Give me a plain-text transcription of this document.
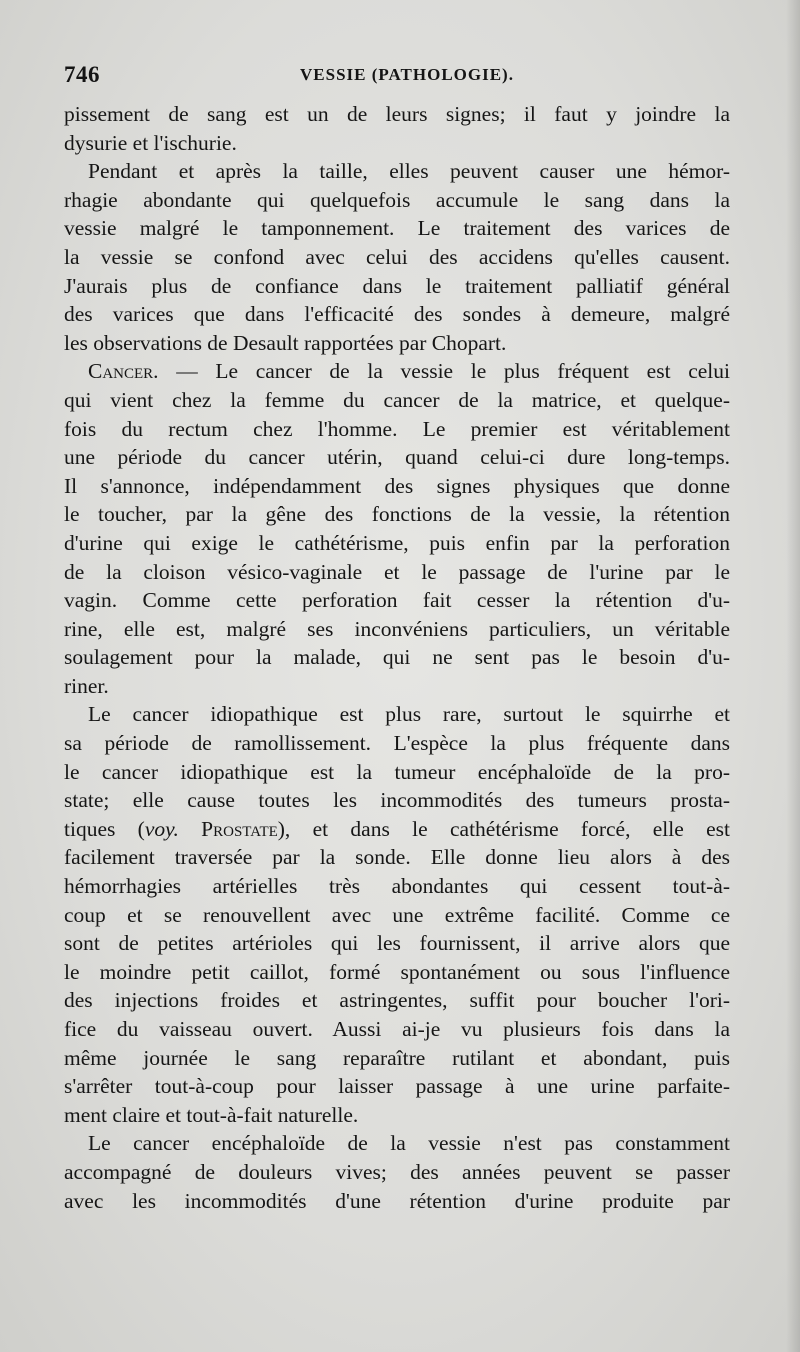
746	VESSIE (PATHOLOGIE).
pissement de sang est un de leurs signes; il faut y joindre la
dysurie et l'ischurie.
Pendant et après la taille, elles peuvent causer une hémor-
rhagie abondante qui quelquefois accumule le sang dans la
vessie malgré le tamponnement. Le traitement des varices de
la vessie se confond avec celui des accidens qu'elles causent.
J'aurais plus de confiance dans le traitement palliatif général
des varices que dans l'efficacité des sondes à demeure, malgré
les observations de Desault rapportées par Chopart.
Cancer. — Le cancer de la vessie le plus fréquent est celui
qui vient chez la femme du cancer de la matrice, et quelque-
fois du rectum chez l'homme. Le premier est véritablement
une période du cancer utérin, quand celui-ci dure long-temps.
Il s'annonce, indépendamment des signes physiques que donne
le toucher, par la gêne des fonctions de la vessie, la rétention
d'urine qui exige le cathétérisme, puis enfin par la perforation
de la cloison vésico-vaginale et le passage de l'urine par le
vagin. Comme cette perforation fait cesser la rétention d'u-
rine, elle est, malgré ses inconvéniens particuliers, un véritable
soulagement pour la malade, qui ne sent pas le besoin d'u-
riner.
Le cancer idiopathique est plus rare, surtout le squirrhe et
sa période de ramollissement. L'espèce la plus fréquente dans
le cancer idiopathique est la tumeur encéphaloïde de la pro-
state; elle cause toutes les incommodités des tumeurs prosta-
tiques (voy. Prostate), et dans le cathétérisme forcé, elle est
facilement traversée par la sonde. Elle donne lieu alors à des
hémorrhagies artérielles très abondantes qui cessent tout-à-
coup et se renouvellent avec une extrême facilité. Comme ce
sont de petites artérioles qui les fournissent, il arrive alors que
le moindre petit caillot, formé spontanément ou sous l'influence
des injections froides et astringentes, suffit pour boucher l'ori-
fice du vaisseau ouvert. Aussi ai-je vu plusieurs fois dans la
même journée le sang reparaître rutilant et abondant, puis
s'arrêter tout-à-coup pour laisser passage à une urine parfaite-
ment claire et tout-à-fait naturelle.
Le cancer encéphaloïde de la vessie n'est pas constamment
accompagné de douleurs vives; des années peuvent se passer
avec les incommodités d'une rétention d'urine produite par
